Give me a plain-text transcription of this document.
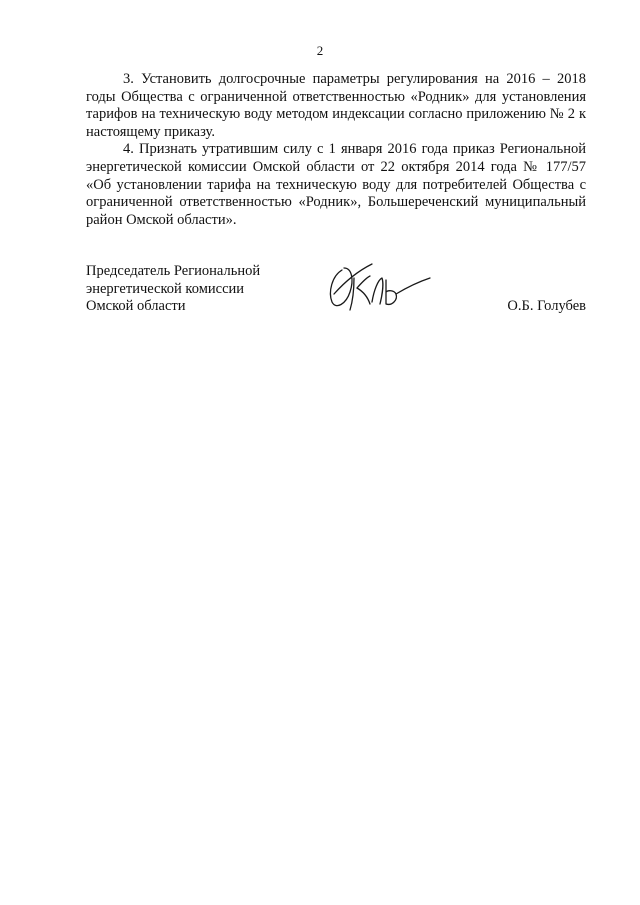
2

3. Установить долгосрочные параметры регулирования на 2016 – 2018 годы Общества с ограниченной ответственностью «Родник» для установления тарифов на техническую воду методом индексации согласно приложению № 2 к настоящему приказу.

4. Признать утратившим силу с 1 января 2016 года приказ Региональной энергетической комиссии Омской области от 22 октября 2014 года № 177/57 «Об установлении тарифа на техническую воду для потребителей Общества с ограниченной ответственностью «Родник», Большереченский муниципальный район Омской области».

Председатель Региональной
энергетической комиссии
Омской области	О.Б. Голубев
